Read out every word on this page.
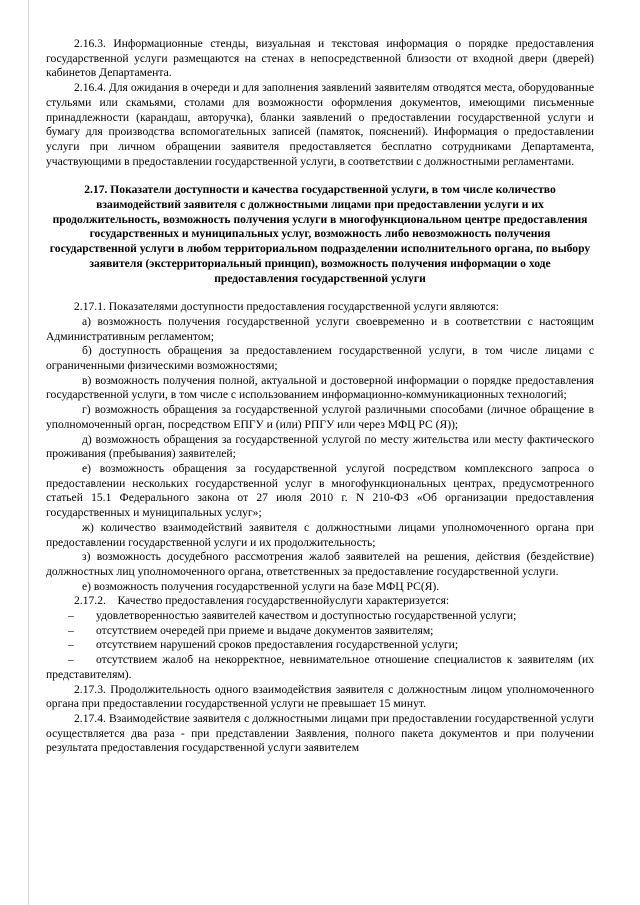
2.16.3. Информационные стенды, визуальная и текстовая информация о порядке предоставления государственной услуги размещаются на стенах в непосредственной близости от входной двери (дверей) кабинетов Департамента.

2.16.4. Для ожидания в очереди и для заполнения заявлений заявителям отводятся места, оборудованные стульями или скамьями, столами для возможности оформления документов, имеющими письменные принадлежности (карандаш, авторучка), бланки заявлений о предоставлении государственной услуги и бумагу для производства вспомогательных записей (памяток, пояснений). Информация о предоставлении услуги при личном обращении заявителя предоставляется бесплатно сотрудниками Департамента, участвующими в предоставлении государственной услуги, в соответствии с должностными регламентами.

2.17. Показатели доступности и качества государственной услуги, в том числе количество взаимодействий заявителя с должностными лицами при предоставлении услуги и их продолжительность, возможность получения услуги в многофункциональном центре предоставления государственных и муниципальных услуг, возможность либо невозможность получения государственной услуги в любом территориальном подразделении исполнительного органа, по выбору заявителя (экстерриториальный принцип), возможность получения информации о ходе предоставления государственной услуги

2.17.1. Показателями доступности предоставления государственной услуги являются:

а) возможность получения государственной услуги своевременно и в соответствии с настоящим Административным регламентом;

б) доступность обращения за предоставлением государственной услуги, в том числе лицами с ограниченными физическими возможностями;

в) возможность получения полной, актуальной и достоверной информации о порядке предоставления государственной услуги, в том числе с использованием информационно-коммуникационных технологий;

г) возможность обращения за государственной услугой различными способами (личное обращение в уполномоченный орган, посредством ЕПГУ и (или) РПГУ или через МФЦ РС (Я));

д) возможность обращения за государственной услугой по месту жительства или месту фактического проживания (пребывания) заявителей;

е) возможность обращения за государственной услугой посредством комплексного запроса о предоставлении нескольких государственной услуг в многофункциональных центрах, предусмотренного статьей 15.1 Федерального закона от 27 июля 2010 г. N 210-ФЗ «Об организации предоставления государственных и муниципальных услуг»;

ж) количество взаимодействий заявителя с должностными лицами уполномоченного органа при предоставлении государственной услуги и их продолжительность;

з) возможность досудебного рассмотрения жалоб заявителей на решения, действия (бездействие) должностных лиц уполномоченного органа, ответственных за предоставление государственной услуги.

е) возможность получения государственной услуги на базе МФЦ РС(Я).

2.17.2.    Качество предоставления государственнойуслуги характеризуется:

–	удовлетворенностью заявителей качеством и доступностью государственной услуги;
–	отсутствием очередей при приеме и выдаче документов заявителям;
–	отсутствием нарушений сроков предоставления государственной услуги;

– отсутствием жалоб на некорректное, невнимательное отношение специалистов к заявителям (их представителям).

2.17.3. Продолжительность одного взаимодействия заявителя с должностным лицом уполномоченного органа при предоставлении государственной услуги не превышает 15 минут.

2.17.4. Взаимодействие заявителя с должностными лицами при предоставлении государственной услуги осуществляется два раза - при представлении Заявления, полного пакета документов и при получении результата предоставления государственной услуги заявителем
